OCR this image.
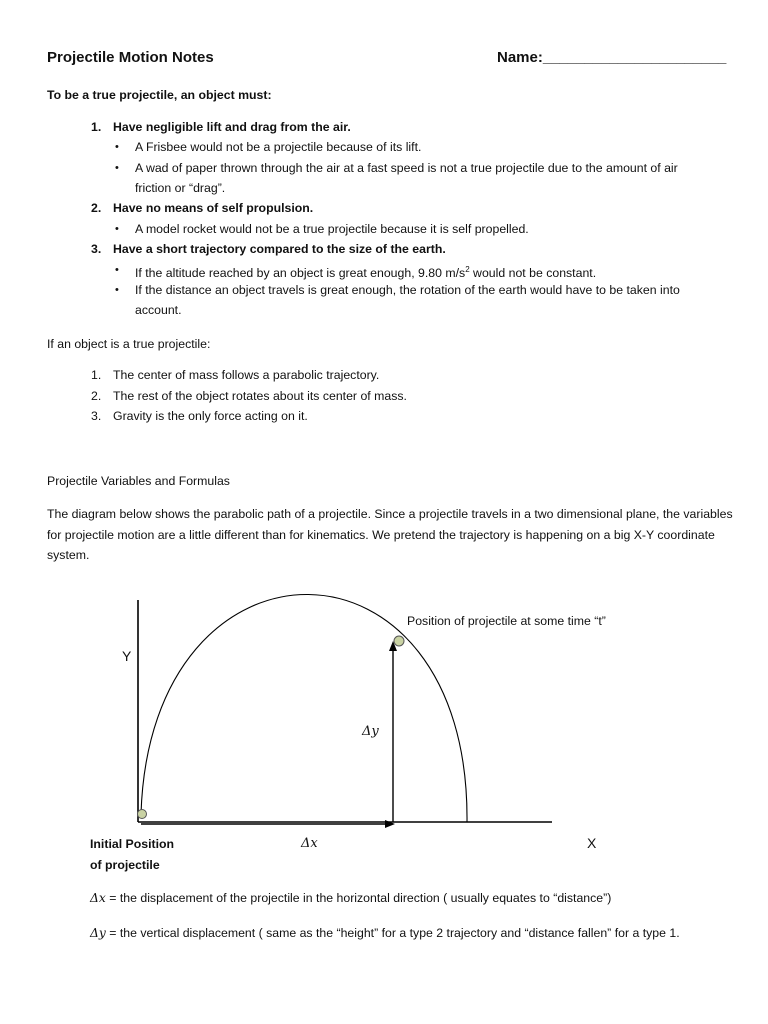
Projectile Motion Notes	Name:______________________
To be a true projectile, an object must:
1. Have negligible lift and drag from the air.
• A Frisbee would not be a projectile because of its lift.
• A wad of paper thrown through the air at a fast speed is not a true projectile due to the amount of air
friction or “drag”.
2. Have no means of self propulsion.
• A model rocket would not be a true projectile because it is self propelled.
3. Have a short trajectory compared to the size of the earth.
• If the altitude reached by an object is great enough, 9.80 $m/s^2$ would not be constant.
• If the distance an object travels is great enough, the rotation of the earth would have to be taken into
account.
If an object is a true projectile:
1. The center of mass follows a parabolic trajectory.
2. The rest of the object rotates about its center of mass.
3. Gravity is the only force acting on it.
Projectile Variables and Formulas
The diagram below shows the parabolic path of a projectile. Since a projectile travels in a two dimensional plane, the variables for projectile motion are a little different than for kinematics. We pretend the trajectory is happening on a big X-Y coordinate system.
Y
X
Position of projectile at some time “t”
Δy
Δx
Initial Position
of projectile
Δx = the displacement of the projectile in the horizontal direction ( usually equates to “distance”)
Δy = the vertical displacement ( same as the “height” for a type 2 trajectory and “distance fallen” for a type 1.
